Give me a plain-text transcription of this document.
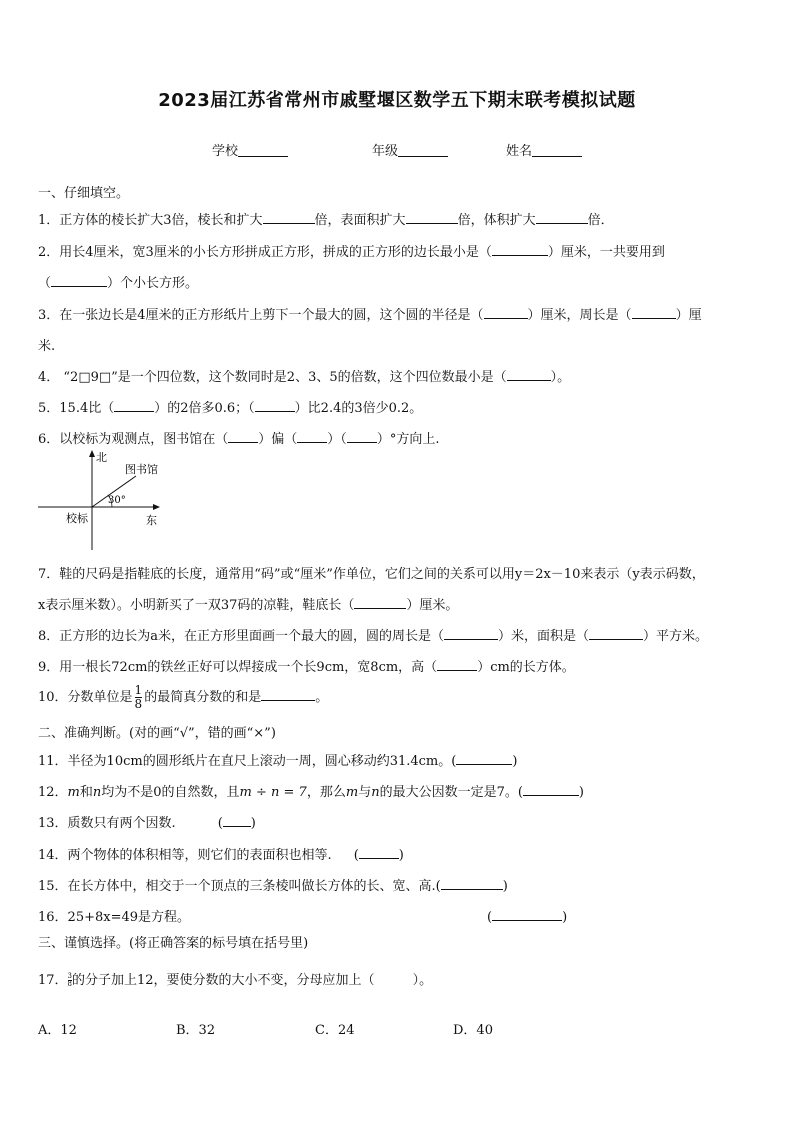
2023届江苏省常州市戚墅堰区数学五下期末联考模拟试题
学校	年级	姓名
一、仔细填空。
1．正方体的棱长扩大3倍，棱长和扩大	倍，表面积扩大	倍，体积扩大	倍．
2．用长4厘米，宽3厘米的小长方形拼成正方形，拼成的正方形的边长最小是（	）厘米，一共要用到
（	）个小长方形。
3．在一张边长是4厘米的正方形纸片上剪下一个最大的圆，这个圆的半径是（	）厘米，周长是（	）厘
米.
4． “2□9□”是一个四位数，这个数同时是2、3、5的倍数，这个四位数最小是（	）。
5．15.4比（	）的2倍多0.6；（	）比2.4的3倍少0.2。
6．以校标为观测点，图书馆在（ ）偏（ ）（ ）°方向上.
北
东
校标
图书馆
30°
7．鞋的尺码是指鞋底的长度，通常用“码”或“厘米”作单位，它们之间的关系可以用y＝2x－10来表示（y表示码数，
x表示厘米数）。小明新买了一双37码的凉鞋，鞋底长（	）厘米。
8．正方形的边长为a米，在正方形里面画一个最大的圆，圆的周长是（	）米，面积是（	）平方米。
9．用一根长72cm的铁丝正好可以焊接成一个长9cm，宽8cm，高（	）cm的长方体。
10．分数单位是 $\frac{1}{8}$ 的最简真分数的和是	。
二、准确判断。(对的画“√”，错的画“×”)
11．半径为10cm的圆形纸片在直尺上滚动一周，圆心移动约31.4cm。(	)
12．m和n均为不是0的自然数，且m ÷ n = 7，那么m与n的最大公因数一定是7。(	)
13．质数只有两个因数.	( )
14．两个物体的体积相等，则它们的表面积也相等. (	)
15．在长方体中，相交于一个顶点的三条棱叫做长方体的长、宽、高.(	)
16．25+8x=49是方程。	(	)
三、谨慎选择。(将正确答案的标号填在括号里)
17． $\frac{3}{8}$ 的分子加上12，要使分数的大小不变，分母应加上（	）。
A．12	B．32	C．24	D．40
